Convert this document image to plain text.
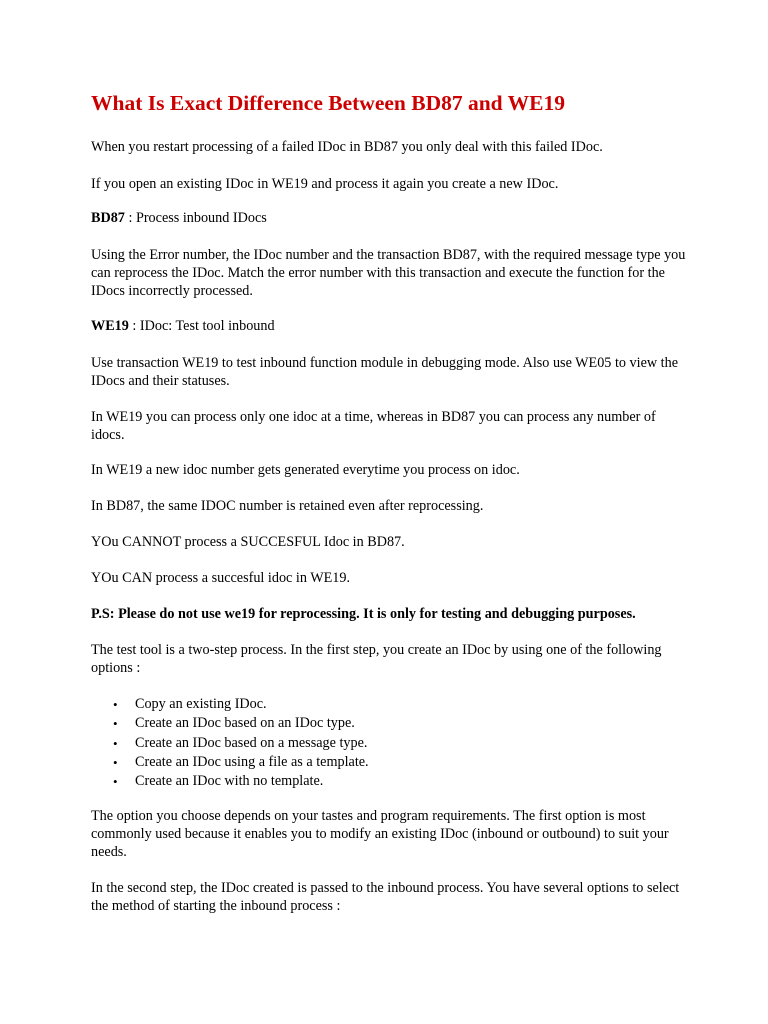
What Is Exact Difference Between BD87 and WE19

When you restart processing of a failed IDoc in BD87 you only deal with this failed IDoc.

If you open an existing IDoc in WE19 and process it again you create a new IDoc.

BD87 : Process inbound IDocs

Using the Error number, the IDoc number and the transaction BD87, with the required message type you can reprocess the IDoc. Match the error number with this transaction and execute the function for the IDocs incorrectly processed.

WE19 : IDoc: Test tool inbound

Use transaction WE19 to test inbound function module in debugging mode. Also use WE05 to view the IDocs and their statuses.

In WE19 you can process only one idoc at a time, whereas in BD87 you can process any number of idocs.

In WE19 a new idoc number gets generated everytime you process on idoc.

In BD87, the same IDOC number is retained even after reprocessing.

YOu CANNOT process a SUCCESFUL Idoc in BD87.

YOu CAN process a succesful idoc in WE19.

P.S: Please do not use we19 for reprocessing. It is only for testing and debugging purposes.

The test tool is a two-step process. In the first step, you create an IDoc by using one of the following options :

• Copy an existing IDoc.
• Create an IDoc based on an IDoc type.
• Create an IDoc based on a message type.
• Create an IDoc using a file as a template.
• Create an IDoc with no template.

The option you choose depends on your tastes and program requirements. The first option is most commonly used because it enables you to modify an existing IDoc (inbound or outbound) to suit your needs.

In the second step, the IDoc created is passed to the inbound process. You have several options to select the method of starting the inbound process :
